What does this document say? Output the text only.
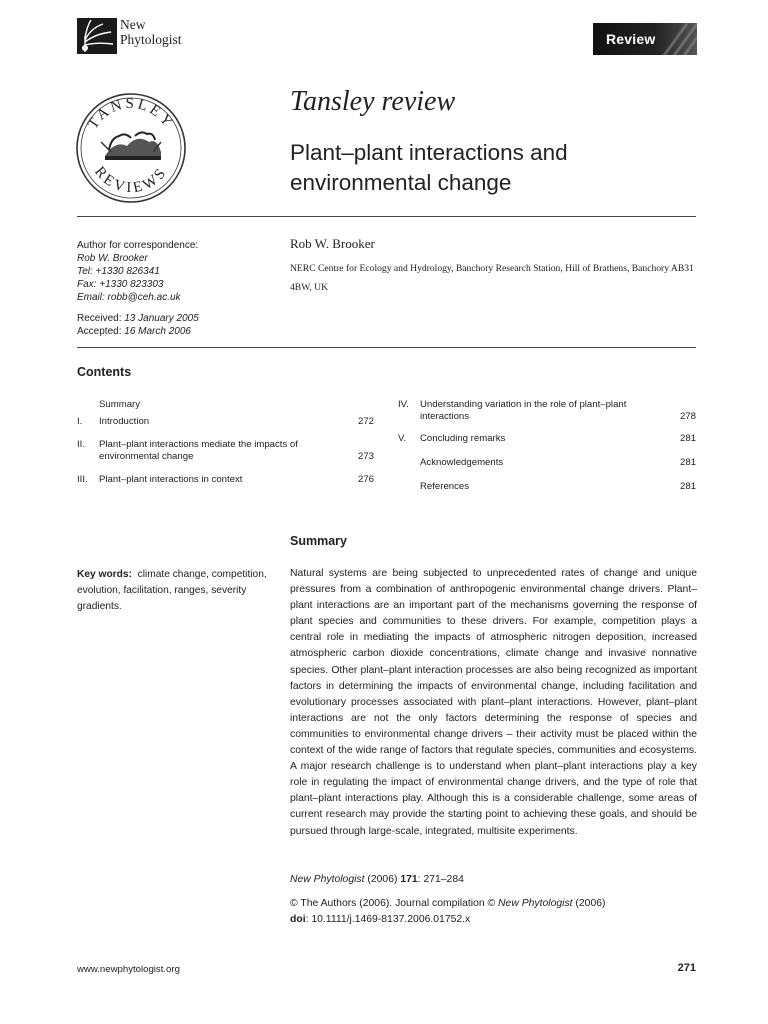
New
Phytologist	Review
TANSLEY
REVIEWS
Tansley review
Plant–plant interactions and environmental change
Author for correspondence:
Rob W. Brooker
Tel: +1330 826341
Fax: +1330 823303
Email: robb@ceh.ac.uk
Received: 13 January 2005
Accepted: 16 March 2006
Rob W. Brooker
NERC Centre for Ecology and Hydrology, Banchory Research Station, Hill of Brathens, Banchory AB31
4BW, UK
Contents
Summary
I. Introduction	272
II. Plant–plant interactions mediate the impacts of
environmental change	273
III. Plant–plant interactions in context	276
IV. Understanding variation in the role of plant–plant
interactions	278
V. Concluding remarks	281
Acknowledgements	281
References	281
Summary
Key words: climate change, competition, evolution, facilitation, ranges, severity gradients.
Natural systems are being subjected to unprecedented rates of change and unique pressures from a combination of anthropogenic environmental change drivers. Plant–plant interactions are an important part of the mechanisms governing the response of plant species and communities to these drivers. For example, competition plays a central role in mediating the impacts of atmospheric nitrogen deposition, increased atmospheric carbon dioxide concentrations, climate change and invasive nonnative species. Other plant–plant interaction processes are also being recognized as important factors in determining the impacts of environmental change, including facilitation and evolutionary processes associated with plant–plant interactions. However, plant–plant interactions are not the only factors determining the response of species and communities to environmental change drivers – their activity must be placed within the context of the wide range of factors that regulate species, communities and ecosystems. A major research challenge is to understand when plant–plant interactions play a key role in regulating the impact of environmental change drivers, and the type of role that plant–plant interactions play. Although this is a considerable challenge, some areas of current research may provide the starting point to achieving these goals, and should be pursued through large-scale, integrated, multisite experiments.
New Phytologist (2006) 171: 271–284
© The Authors (2006). Journal compilation © New Phytologist (2006)
doi: 10.1111/j.1469-8137.2006.01752.x
www.newphytologist.org	271
